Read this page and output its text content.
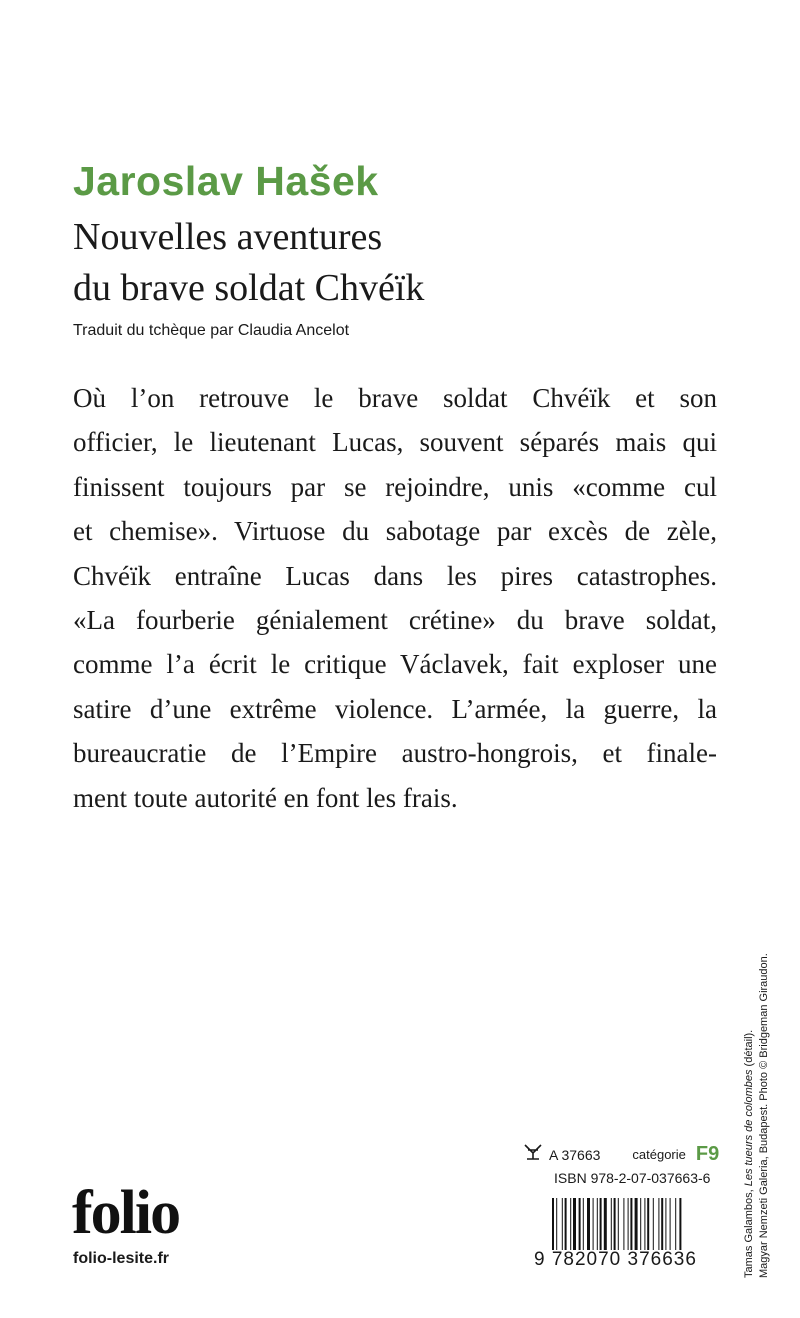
Jaroslav Hašek
Nouvelles aventures
du brave soldat Chvéïk
Traduit du tchèque par Claudia Ancelot
Où l’on retrouve le brave soldat Chvéïk et son
officier, le lieutenant Lucas, souvent séparés mais qui
finissent toujours par se rejoindre, unis «comme cul
et chemise». Virtuose du sabotage par excès de zèle,
Chvéïk entraîne Lucas dans les pires catastrophes.
«La fourberie génialement crétine» du brave soldat,
comme l’a écrit le critique Václavek, fait exploser une
satire d’une extrême violence. L’armée, la guerre, la
bureaucratie de l’Empire austro-hongrois, et finale-
ment toute autorité en font les frais.
Tamas Galambos, Les tueurs de colombes (détail). Magyar Nemzeti Galeria, Budapest. Photo © Bridgeman Giraudon.
A 37663 catégorie F9
ISBN 978-2-07-037663-6
9 782070 376636
folio
folio-lesite.fr
